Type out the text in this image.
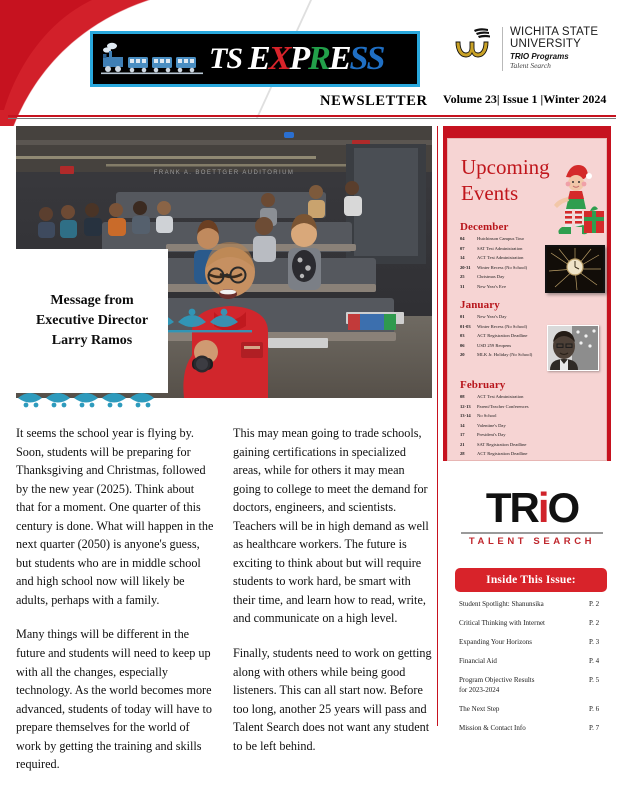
TS EXPRESS
NEWSLETTER
WICHITA STATE
UNIVERSITY
TRIO Programs
Talent Search
Volume 23| Issue 1 |Winter 2024
FRANK A. BOETTGER AUDITORIUM
Message from
Executive Director
Larry Ramos

It seems the school year is flying by. Soon, students will be preparing for Thanksgiving and Christmas, followed by the new year (2025). Think about that for a moment. One quarter of this century is done. What will happen in the next quarter (2050) is anyone's guess, but students who are in middle school and high school now will likely be adults, perhaps with a family.

Many things will be different in the future and students will need to keep up with all the changes, especially technology. As the world becomes more advanced, students of today will have to prepare themselves for the world of work by getting the training and skills required.

This may mean going to trade schools, gaining certifications in specialized areas, while for others it may mean going to college to meet the demand for doctors, engineers, and scientists. Teachers will be in high demand as well as healthcare workers. The future is exciting to think about but will require students to work hard, be smart with their time, and learn how to read, write, and communicate on a high level.

Finally, students need to work on getting along with others while being good listeners. This can all start now. Before too long, another 25 years will pass and Talent Search does not want any student to be left behind.

Upcoming
Events
December
04	Hutchinson Campus Tour
07	SAT Test Administration
14	ACT Test Administration
20-31	Winter Recess (No School)
25	Christmas Day
31	New Year's Eve
January
01	New Year's Day
01-03	Winter Recess (No School)
03	ACT Registration Deadline
06	USD 259 Reopens
20	MLK Jr. Holiday (No School)
February
08	ACT Test Administration
12-13	Parent/Teacher Conferences
13-14	No School
14	Valentine's Day
17	President's Day
21	SAT Registration Deadline
28	ACT Registration Deadline
TRiO
TALENT SEARCH
Inside This Issue:
Student Spotlight: Shanunsika	P. 2
Critical Thinking with Internet	P. 2
Expanding Your Horizons	P. 3
Financial Aid	P. 4
Program Objective Results
for 2023-2024
P. 5
The Next Step	P. 6
Mission & Contact Info	P. 7
